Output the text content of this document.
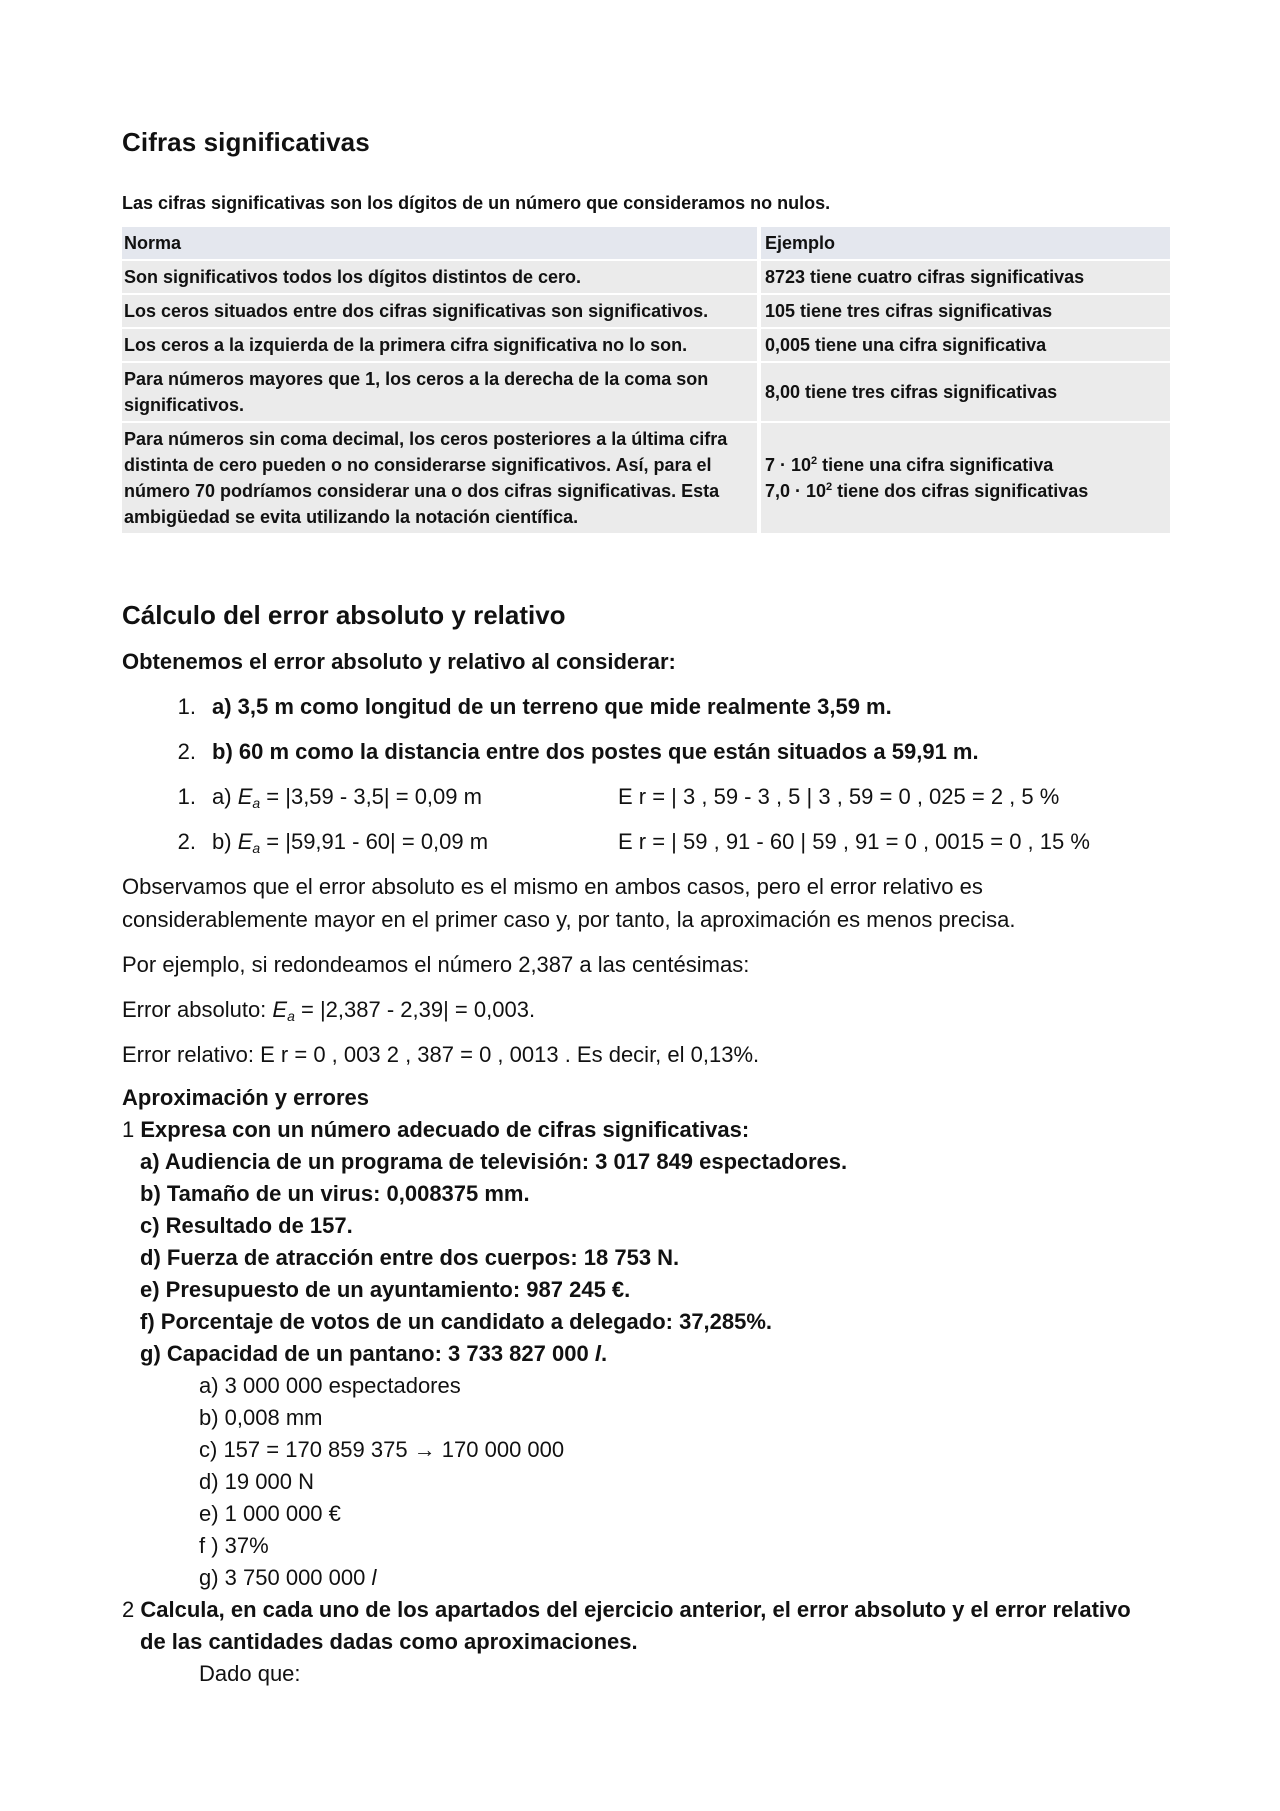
Cifras significativas
Las cifras significativas son los dígitos de un número que consideramos no nulos.
Norma	Ejemplo
Son significativos todos los dígitos distintos de cero.	8723 tiene cuatro cifras significativas
Los ceros situados entre dos cifras significativas son significativos.	105 tiene tres cifras significativas
Los ceros a la izquierda de la primera cifra significativa no lo son.	0,005 tiene una cifra significativa
Para números mayores que 1, los ceros a la derecha de la coma son significativos.	8,00 tiene tres cifras significativas
Para números sin coma decimal, los ceros posteriores a la última cifra distinta de cero pueden o no considerarse significativos. Así, para el número 70 podríamos considerar una o dos cifras significativas. Esta ambigüedad se evita utilizando la notación científica.	$7 \cdot 10^2$ tiene una cifra significativa
$7,0 \cdot 10^2$ tiene dos cifras significativas
Cálculo del error absoluto y relativo
Obtenemos el error absoluto y relativo al considerar:
1. a) 3,5 m como longitud de un terreno que mide realmente 3,59 m.
2. b) 60 m como la distancia entre dos postes que están situados a 59,91 m.
1. a) $E_a = |3,59 - 3,5| = 0,09$ m	E r = | 3 , 59 - 3 , 5 | 3 , 59 = 0 , 025 = 2 , 5 %
2. b) $E_a = |59,91 - 60| = 0,09$ m	E r = | 59 , 91 - 60 | 59 , 91 = 0 , 0015 = 0 , 15 %
Observamos que el error absoluto es el mismo en ambos casos, pero el error relativo es
considerablemente mayor en el primer caso y, por tanto, la aproximación es menos precisa.
Por ejemplo, si redondeamos el número 2,387 a las centésimas:
Error absoluto: $E_a = |2,387 - 2,39| = 0,003$.
Error relativo: E r = 0 , 003 2 , 387 = 0 , 0013 . Es decir, el 0,13%.
Aproximación y errores
1 Expresa con un número adecuado de cifras significativas:
a) Audiencia de un programa de televisión: 3 017 849 espectadores.
b) Tamaño de un virus: 0,008375 mm.
c) Resultado de 157.
d) Fuerza de atracción entre dos cuerpos: 18 753 N.
e) Presupuesto de un ayuntamiento: 987 245 €.
f) Porcentaje de votos de un candidato a delegado: 37,285%.
g) Capacidad de un pantano: 3 733 827 000 l.
a) 3 000 000 espectadores
b) 0,008 mm
c) 157 = 170 859 375 → 170 000 000
d) 19 000 N
e) 1 000 000 €
f ) 37%
g) 3 750 000 000 l
2 Calcula, en cada uno de los apartados del ejercicio anterior, el error absoluto y el error relativo
de las cantidades dadas como aproximaciones.
Dado que:
